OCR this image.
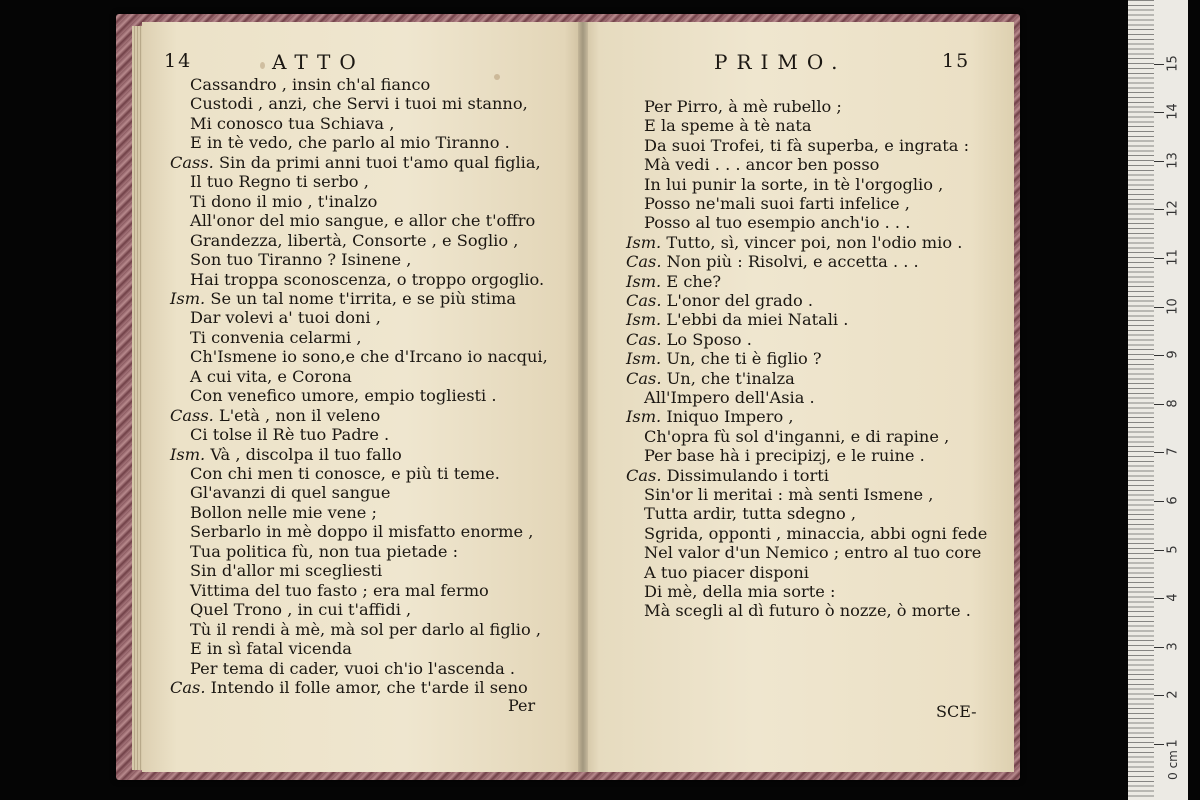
14	ATTO
Cassandro , insin ch'al fianco
Custodi , anzi, che Servi i tuoi mi stanno,
Mi conosco tua Schiava ,
E in tè vedo, che parlo al mio Tiranno .
Cass. Sin da primi anni tuoi t'amo qual figlia,
Il tuo Regno ti serbo ,
Ti dono il mio , t'inalzo
All'onor del mio sangue, e allor che t'offro
Grandezza, libertà, Consorte , e Soglio ,
Son tuo Tiranno ? Isinene ,
Hai troppa sconoscenza, o troppo orgoglio.
Ism. Se un tal nome t'irrita, e se più stima
Dar volevi a' tuoi doni ,
Ti convenia celarmi ,
Ch'Ismene io sono,e che d'Ircano io nacqui,
A cui vita, e Corona
Con venefico umore, empio togliesti .
Cass. L'età , non il veleno
Ci tolse il Rè tuo Padre .
Ism. Và , discolpa il tuo fallo
Con chi men ti conosce, e più ti teme.
Gl'avanzi di quel sangue
Bollon nelle mie vene ;
Serbarlo in mè doppo il misfatto enorme ,
Tua politica fù, non tua pietade :
Sin d'allor mi scegliesti
Vittima del tuo fasto ; era mal fermo
Quel Trono , in cui t'affidi ,
Tù il rendi à mè, mà sol per darlo al figlio ,
E in sì fatal vicenda
Per tema di cader, vuoi ch'io l'ascenda .
Cas. Intendo il folle amor, che t'arde il seno
Per
PRIMO.	15
Per Pirro, à mè rubello ;
E la speme à tè nata
Da suoi Trofei, ti fà superba, e ingrata :
Mà vedi . . . ancor ben posso
In lui punir la sorte, in tè l'orgoglio ,
Posso ne'mali suoi farti infelice ,
Posso al tuo esempio anch'io . . .
Ism. Tutto, sì, vincer poi, non l'odio mio .
Cas. Non più : Risolvi, e accetta . . .
Ism. E che?
Cas. L'onor del grado .
Ism. L'ebbi da miei Natali .
Cas. Lo Sposo .
Ism. Un, che ti è figlio ?
Cas. Un, che t'inalza
All'Impero dell'Asia .
Ism. Iniquo Impero ,
Ch'opra fù sol d'inganni, e di rapine ,
Per base hà i precipizj, e le ruine .
Cas. Dissimulando i torti
Sin'or li meritai : mà senti Ismene ,
Tutta ardir, tutta sdegno ,
Sgrida, opponti , minaccia, abbi ogni fede
Nel valor d'un Nemico ; entro al tuo core
A tuo piacer disponi
Di mè, della mia sorte :
Mà scegli al dì futuro ò nozze, ò morte .
SCE-
1
2
3
4
5
6
7
8
9
10
11
12
13
14
15
0 cm
